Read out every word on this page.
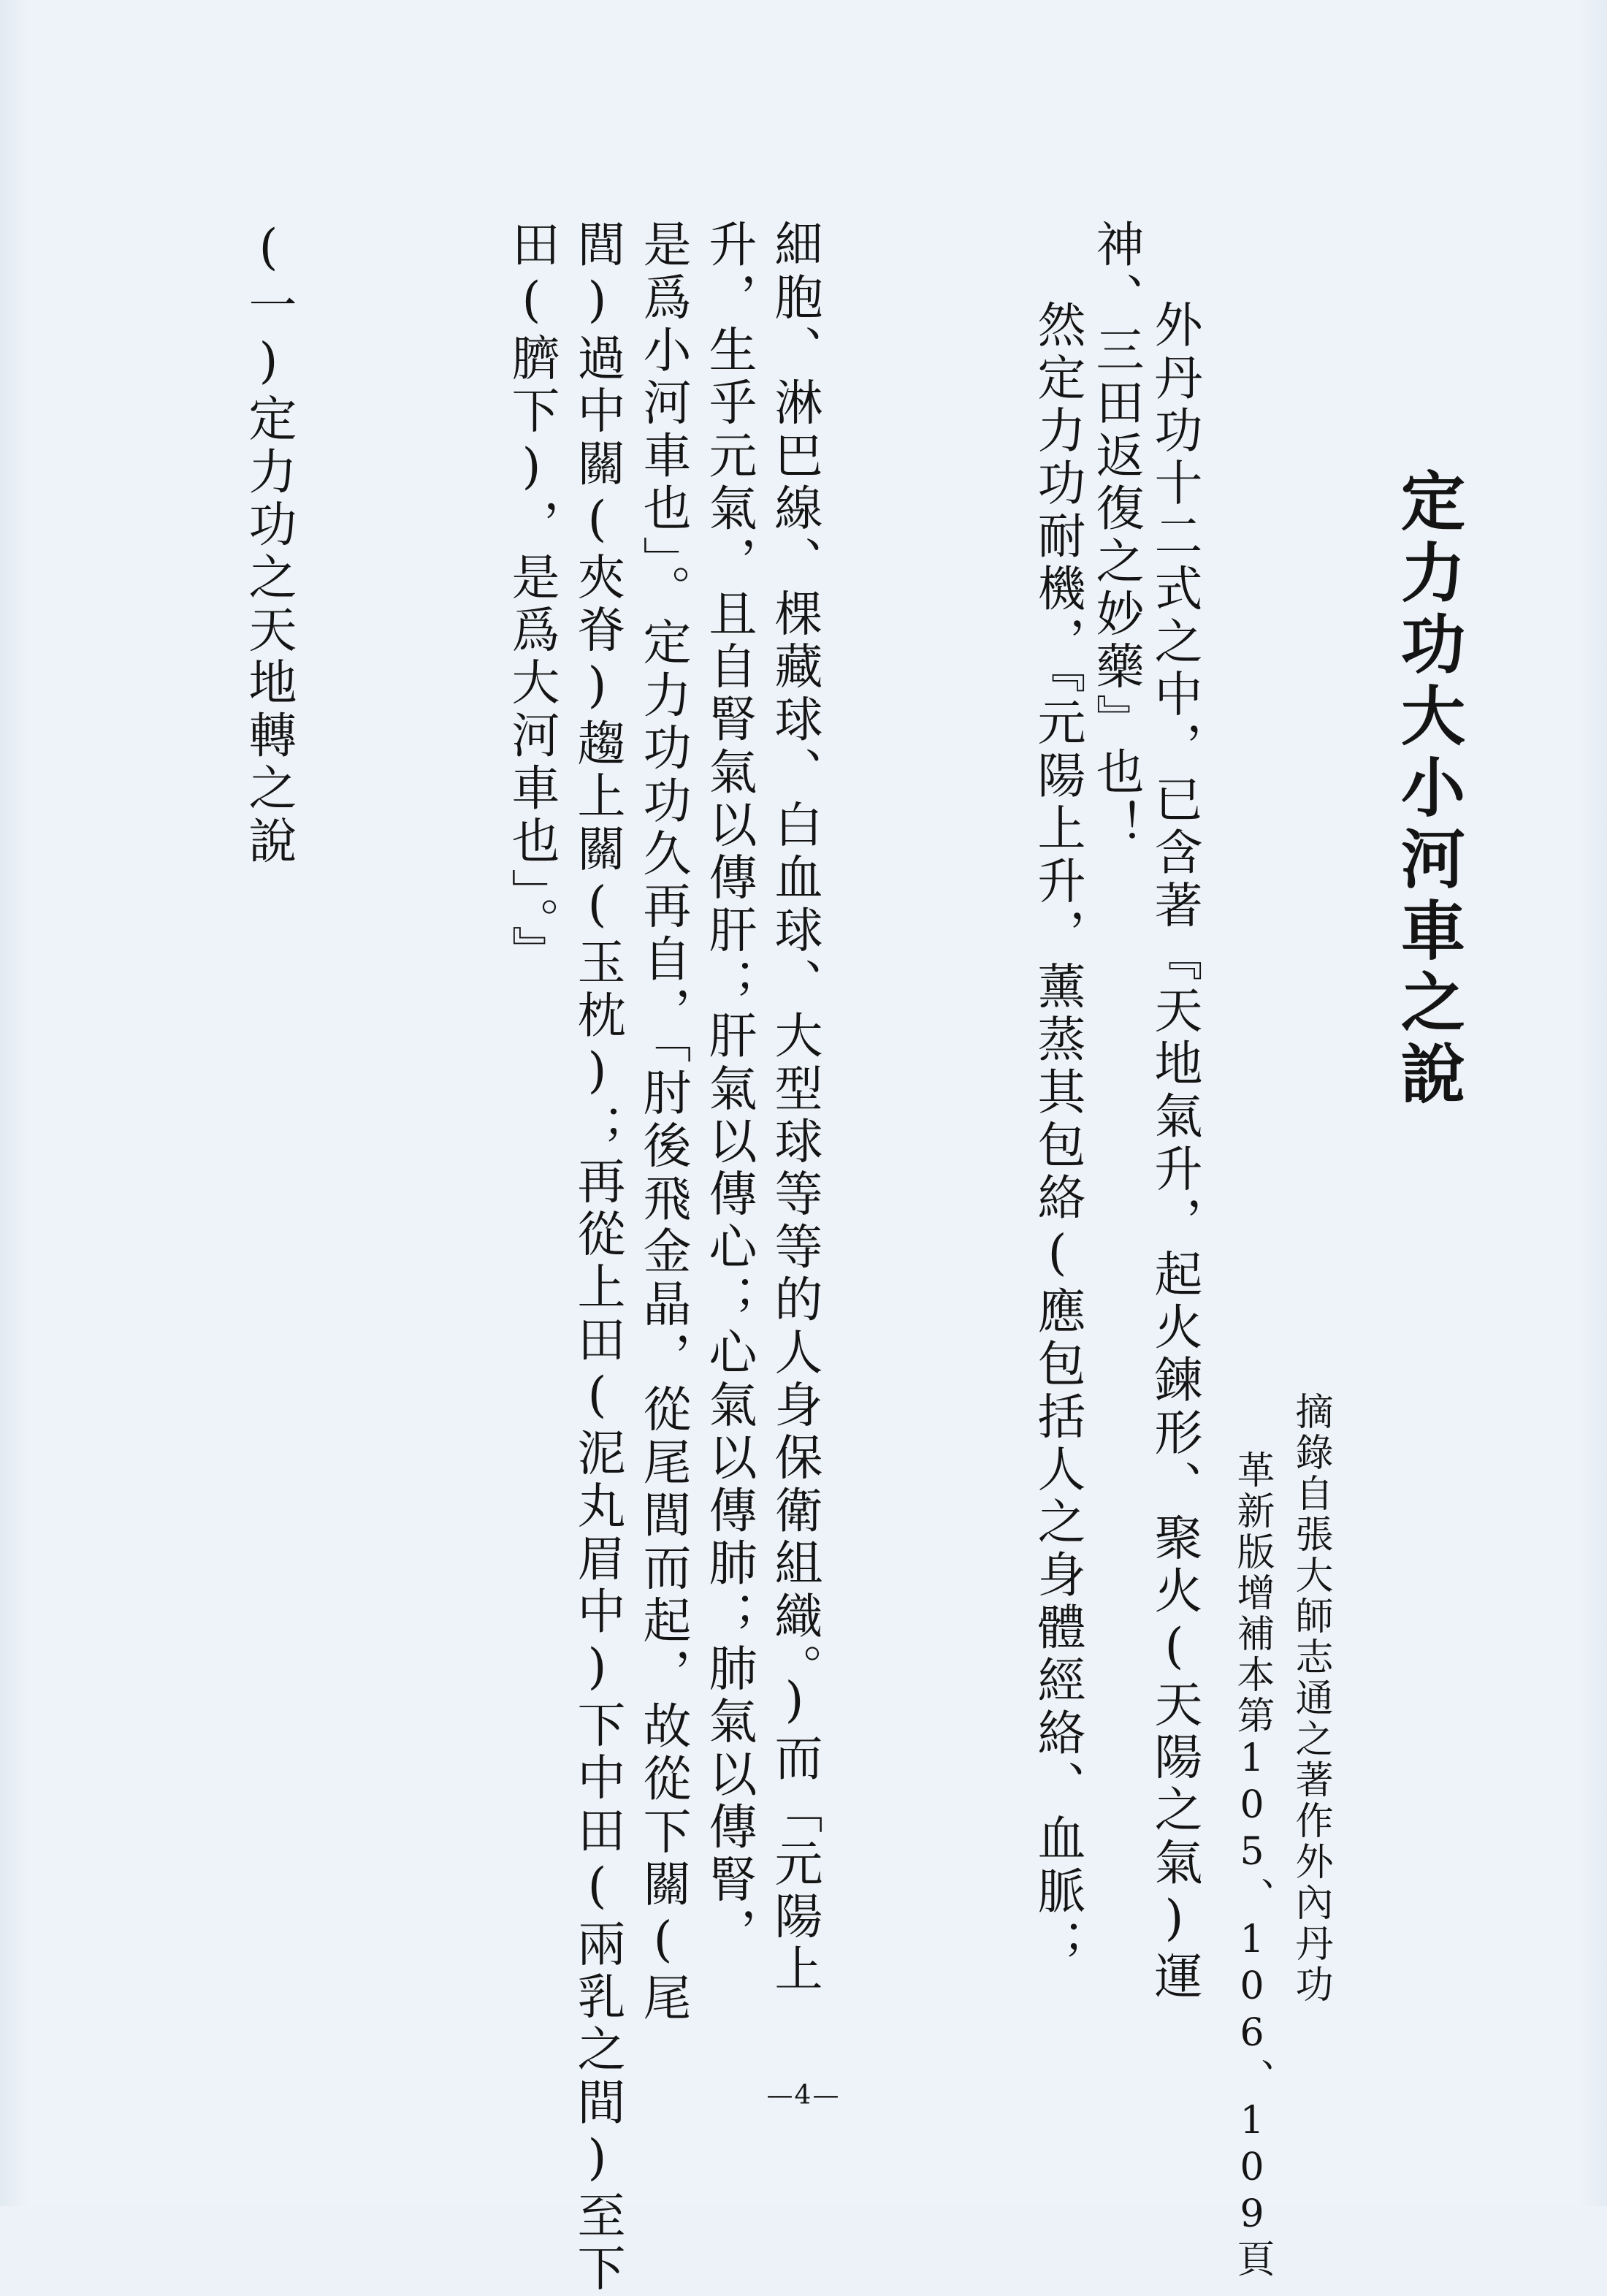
定力功大小河車之說
摘錄自張大師志通之著作外內丹功
革新版增補本第105、106、109頁
外丹功十二式之中，已含著『天地氣升，起火鍊形、聚火(天陽之氣)運
神、三田返復之妙藥』也！
然定力功耐機，『元陽上升，薰蒸其包絡(應包括人之身體經絡、血脈；
細胞、淋巴線、棵藏球、白血球、大型球等等的人身保衛組織。)而「元陽上
升，生乎元氣，且自腎氣以傳肝；肝氣以傳心；心氣以傳肺；肺氣以傳腎，
是爲小河車也」。定力功功久再自，「肘後飛金晶，從尾閭而起，故從下關(尾
閭)過中關(夾脊)趨上關(玉枕)；再從上田(泥丸眉中)下中田(兩乳之間)至下
田(臍下)，是爲大河車也」。』
(一)定力功之天地轉之說
—4—
